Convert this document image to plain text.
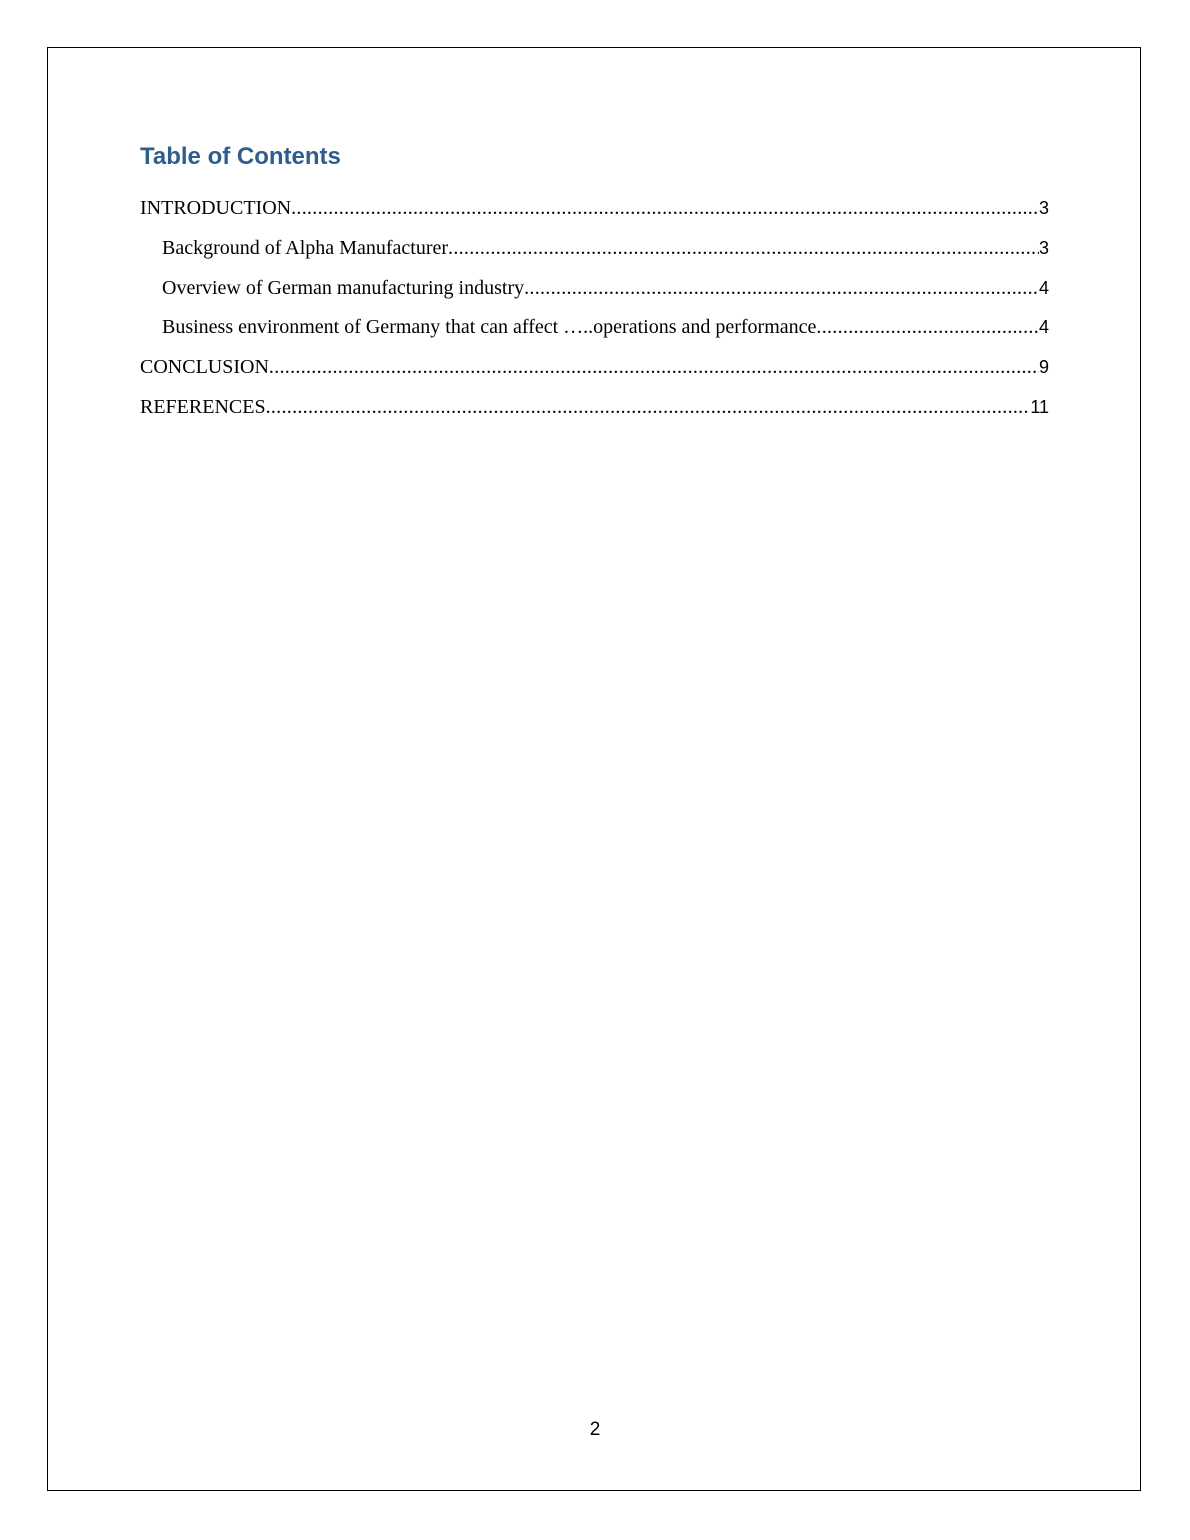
Table of Contents
INTRODUCTION .....	3
Background of Alpha Manufacturer .....	3
Overview of German manufacturing industry .....	4
Business environment of Germany that can affect …..operations and performance .....	4
CONCLUSION .....	9
REFERENCES .....	11
2
